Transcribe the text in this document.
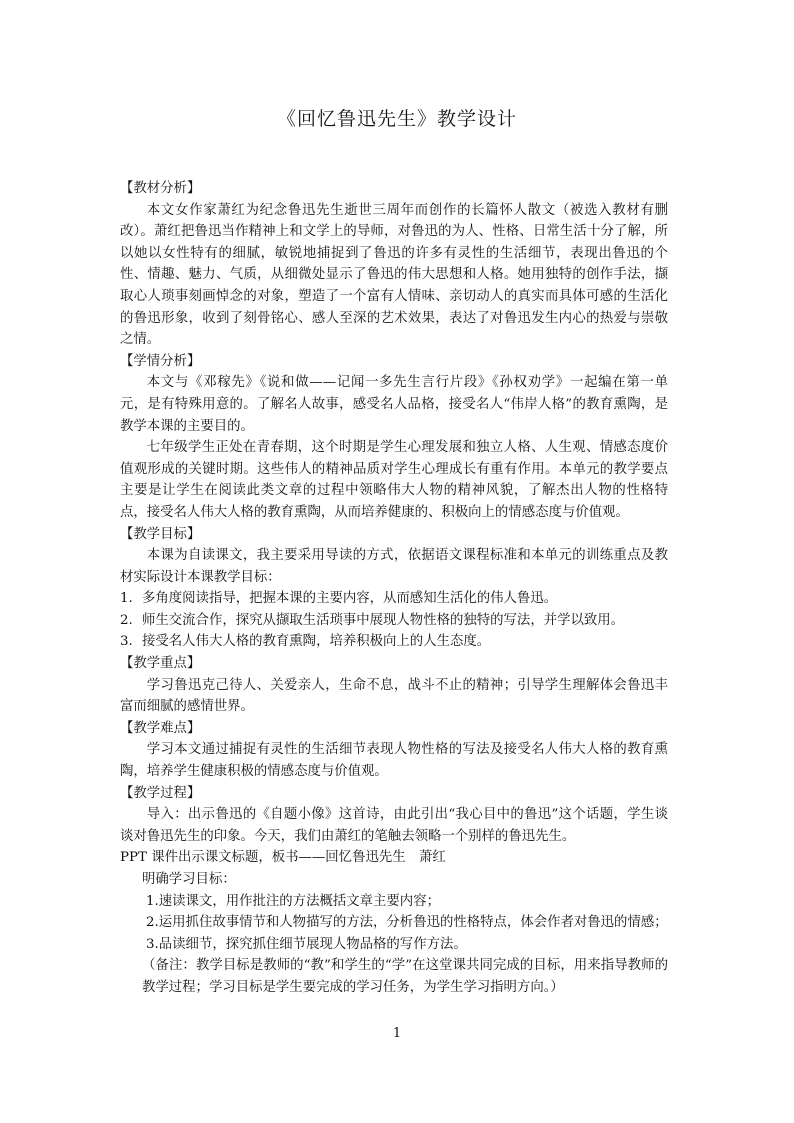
《回忆鲁迅先生》教学设计

【教材分析】

本文女作家萧红为纪念鲁迅先生逝世三周年而创作的长篇怀人散文（被选入教材有删改）。萧红把鲁迅当作精神上和文学上的导师，对鲁迅的为人、性格、日常生活十分了解，所以她以女性特有的细腻，敏锐地捕捉到了鲁迅的许多有灵性的生活细节，表现出鲁迅的个性、情趣、魅力、气质，从细微处显示了鲁迅的伟大思想和人格。她用独特的创作手法，撷取心人琐事刻画悼念的对象，塑造了一个富有人情味、亲切动人的真实而具体可感的生活化的鲁迅形象，收到了刻骨铭心、感人至深的艺术效果，表达了对鲁迅发生内心的热爱与崇敬之情。

【学情分析】

本文与《邓稼先》《说和做——记闻一多先生言行片段》《孙权劝学》一起编在第一单元，是有特殊用意的。了解名人故事，感受名人品格，接受名人“伟岸人格”的教育熏陶，是教学本课的主要目的。

七年级学生正处在青春期，这个时期是学生心理发展和独立人格、人生观、情感态度价值观形成的关键时期。这些伟人的精神品质对学生心理成长有重有作用。本单元的教学要点主要是让学生在阅读此类文章的过程中领略伟大人物的精神风貌，了解杰出人物的性格特点，接受名人伟大人格的教育熏陶，从而培养健康的、积极向上的情感态度与价值观。

【教学目标】

本课为自读课文，我主要采用导读的方式，依据语文课程标准和本单元的训练重点及教材实际设计本课教学目标：

1. 多角度阅读指导，把握本课的主要内容，从而感知生活化的伟人鲁迅。
2. 师生交流合作，探究从撷取生活琐事中展现人物性格的独特的写法，并学以致用。
3. 接受名人伟大人格的教育熏陶，培养积极向上的人生态度。

【教学重点】

学习鲁迅克己待人、关爱亲人，生命不息，战斗不止的精神；引导学生理解体会鲁迅丰富而细腻的感情世界。

【教学难点】

学习本文通过捕捉有灵性的生活细节表现人物性格的写法及接受名人伟大人格的教育熏陶，培养学生健康积极的情感态度与价值观。

【教学过程】

导入：出示鲁迅的《自题小像》这首诗，由此引出“我心目中的鲁迅”这个话题，学生谈谈对鲁迅先生的印象。今天，我们由萧红的笔触去领略一个别样的鲁迅先生。

PPT 课件出示课文标题，板书——回忆鲁迅先生　萧红

明确学习目标：

1.速读课文，用作批注的方法概括文章主要内容；

2.运用抓住故事情节和人物描写的方法，分析鲁迅的性格特点，体会作者对鲁迅的情感；

3.品读细节，探究抓住细节展现人物品格的写作方法。

（备注：教学目标是教师的“教”和学生的“学”在这堂课共同完成的目标，用来指导教师的教学过程；学习目标是学生要完成的学习任务，为学生学习指明方向。）

1
